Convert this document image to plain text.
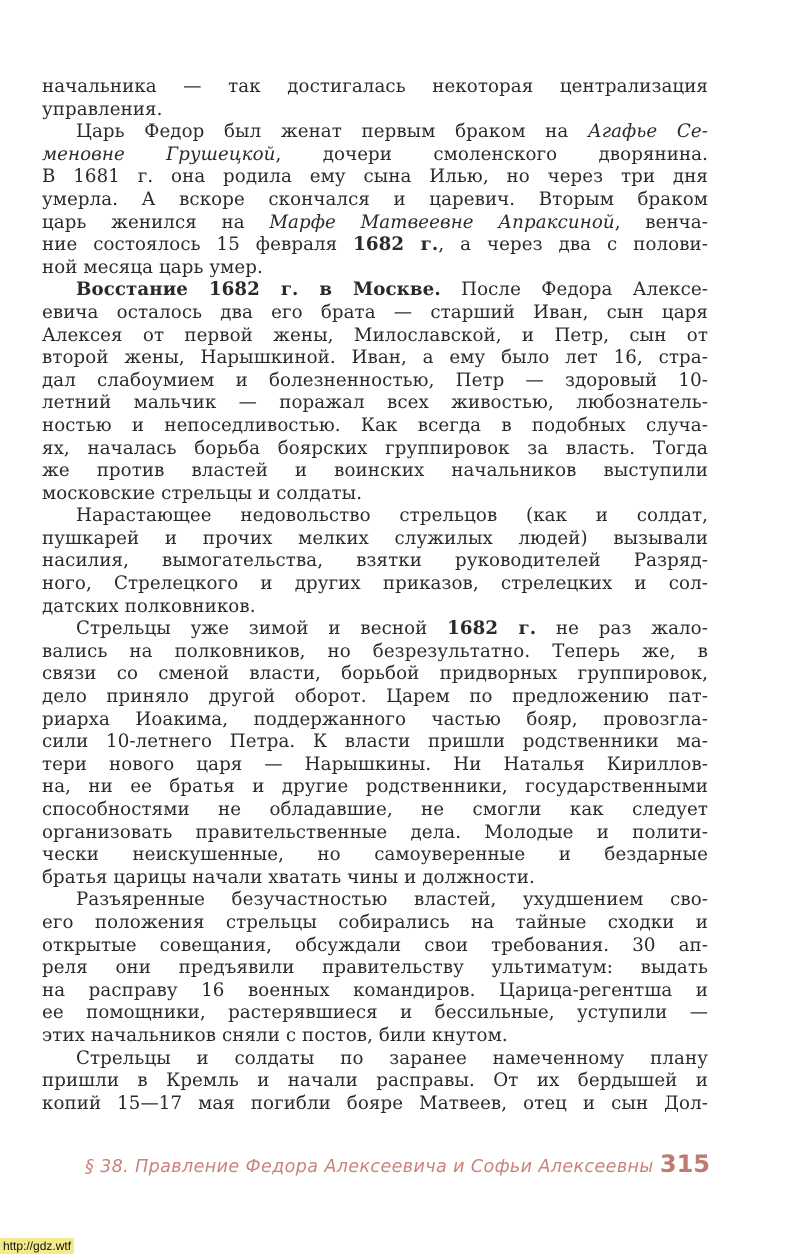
начальника — так достигалась некоторая централизация
управления.
Царь Федор был женат первым браком на Агафье Се-
меновне Грушецкой, дочери смоленского дворянина.
В 1681 г. она родила ему сына Илью, но через три дня
умерла. А вскоре скончался и царевич. Вторым браком
царь женился на Марфе Матвеевне Апраксиной, венча-
ние состоялось 15 февраля 1682 г., а через два с полови-
ной месяца царь умер.
Восстание 1682 г. в Москве. После Федора Алексе-
евича осталось два его брата — старший Иван, сын царя
Алексея от первой жены, Милославской, и Петр, сын от
второй жены, Нарышкиной. Иван, а ему было лет 16, стра-
дал слабоумием и болезненностью, Петр — здоровый 10-
летний мальчик — поражал всех живостью, любознатель-
ностью и непоседливостью. Как всегда в подобных случа-
ях, началась борьба боярских группировок за власть. Тогда
же против властей и воинских начальников выступили
московские стрельцы и солдаты.
Нарастающее недовольство стрельцов (как и солдат,
пушкарей и прочих мелких служилых людей) вызывали
насилия, вымогательства, взятки руководителей Разряд-
ного, Стрелецкого и других приказов, стрелецких и сол-
датских полковников.
Стрельцы уже зимой и весной 1682 г. не раз жало-
вались на полковников, но безрезультатно. Теперь же, в
связи со сменой власти, борьбой придворных группировок,
дело приняло другой оборот. Царем по предложению пат-
риарха Иоакима, поддержанного частью бояр, провозгла-
сили 10-летнего Петра. К власти пришли родственники ма-
тери нового царя — Нарышкины. Ни Наталья Кириллов-
на, ни ее братья и другие родственники, государственными
способностями не обладавшие, не смогли как следует
организовать правительственные дела. Молодые и полити-
чески неискушенные, но самоуверенные и бездарные
братья царицы начали хватать чины и должности.
Разъяренные безучастностью властей, ухудшением сво-
его положения стрельцы собирались на тайные сходки и
открытые совещания, обсуждали свои требования. 30 ап-
реля они предъявили правительству ультиматум: выдать
на расправу 16 военных командиров. Царица-регентша и
ее помощники, растерявшиеся и бессильные, уступили —
этих начальников сняли с постов, били кнутом.
Стрельцы и солдаты по заранее намеченному плану
пришли в Кремль и начали расправы. От их бердышей и
копий 15—17 мая погибли бояре Матвеев, отец и сын Дол-
§ 38. Правление Федора Алексеевича и Софьи Алексеевны 315
http://gdz.wtf
